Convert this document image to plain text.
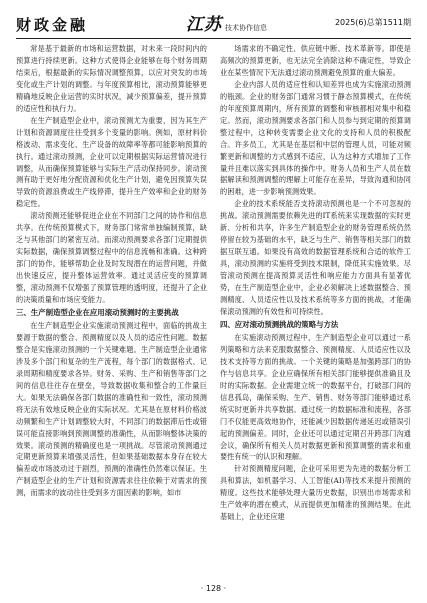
财政金融	江苏 技术协作信息
2025(6)总第1511期

常是基于最新的市场和运营数据，对未来一段时间内的预算进行持续更新。这种方式使得企业能够在每个财务周期结束后，根据最新的实际情况调整预算，以应对突发的市场变化或生产计划的调整。与年度预算相比，滚动预算能够更精确地反映企业运营的实时状况，减少预算偏差，提升预算的适应性和执行力。

在生产制造型企业中，滚动预测尤为重要，因为其生产计划和资源调度往往受到多个变量的影响。例如，原材料价格波动、需求变化、生产设备的故障率等都可能影响预算的执行。通过滚动预测，企业可以定期根据实际运营情况进行调整，从而确保预算能够与实际生产活动保持同步。滚动预测有助于更好地分配资源和优化生产计划，避免因预算失误导致的资源浪费或生产线停滞，提升生产效率和企业的财务稳定性。

滚动预测还能够促进企业在不同部门之间的协作和信息共享。在传统预算模式下，财务部门常常单独编制预算，缺乏与其他部门的紧密互动。而滚动预测要求各部门定期提供实际数据，确保预算调整过程中的信息流畅和准确。这种跨部门的协作，能够帮助企业及时发现潜在的运营问题，并做出快速反应，提升整体运营效率。通过灵活应变的预算调整，滚动预测不仅增强了预算管理的透明度，还提升了企业的决策质量和市场应变能力。

三、生产制造型企业在应用滚动预测时的主要挑战

在生产制造型企业实施滚动预测过程中，面临的挑战主要源于数据的整合、预测精度以及人员的适应性问题。数据整合是实施滚动预测的一个关键难题。生产制造型企业通常涉及多个部门和复杂的生产流程，每个部门的数据格式、记录周期和精度要求各异。财务、采购、生产和销售等部门之间的信息往往存在壁垒，导致数据收集和整合的工作量巨大。如果无法确保各部门数据的准确性和一致性，滚动预测将无法有效地反映企业的实际状况。尤其是在原材料价格波动频繁和生产计划调整较大时，不同部门的数据滞后性或错误可能直接影响到预测调整的准确性，从而影响整体决策的效果。滚动预测的精确度也是一项挑战。尽管滚动预测通过定期更新预算来增强灵活性，但如果基础数据本身存在较大偏差或市场波动过于剧烈，预测的准确性仍然难以保证。生产制造型企业的生产计划和资源需求往往依赖于对需求的预测，而需求的波动往往受到多方面因素的影响，如市

场需求的不确定性、供应链中断、技术革新等。即使是高频次的预算更新，也无法完全消除这种不确定性，导致企业在某些情况下无法通过滚动预测避免预算的重大偏差。

企业内部人员的适应性和认知差异也成为实施滚动预测的瓶颈。企业的财务部门通常习惯于静态预算模式，在传统的年度预算周期内，所有预算的调整和审核都相对集中和稳定。然而，滚动预测要求各部门和人员参与到定期的预算调整过程中，这种转变需要企业文化的支持和人员的积极配合。许多员工，尤其是在基层和中层的管理人员，可能对频繁更新和调整的方式感到不适应，认为这种方式增加了工作量并且难以落实到具体的操作中。财务人员和生产人员在数据解读和预测调整的理解上可能存在差异，导致沟通和协同的困难，进一步影响预测效果。

企业的技术系统能否支持滚动预测也是一个不可忽视的挑战。滚动预测需要依赖先进的IT系统来实现数据的实时更新、分析和共享，许多生产制造型企业的财务管理系统仍然停留在较为基础的水平，缺乏与生产、销售等相关部门的数据互联互通。如果没有高效的数据管理系统和合适的软件工具，滚动预测的实施将受到技术限制，降低其实施效果。尽管滚动预测在提高预算灵活性和响应能力方面具有显著优势，在生产制造型企业中，企业必须解决上述数据整合、预测精度、人员适应性以及技术系统等多方面的挑战，才能确保滚动预测的有效性和可持续性。

四、应对滚动预测挑战的策略与方法

在实施滚动预测过程中，生产制造型企业可以通过一系列策略和方法来克服数据整合、预测精度、人员适应性以及技术支持等方面的挑战。一个关键的策略是加强跨部门的协作与信息共享。企业应确保所有相关部门能够提供准确且及时的实际数据。企业需建立统一的数据平台，打破部门间的信息孤岛，确保采购、生产、销售、财务等部门能够通过系统实时更新并共享数据。通过统一的数据标准和流程，各部门不仅能更高效地协作，还能减少因数据传递延迟或错误引起的预测偏差。同时，企业还可以通过定期召开跨部门沟通会议，确保所有相关人员对数据更新和预算调整的需求和重要性有统一的认识和理解。

针对预测精度问题，企业可采用更为先进的数据分析工具和算法，如机器学习、人工智能(AI)等技术来提升预测的精度。这些技术能够处理大量历史数据，识别出市场需求和生产效率的潜在模式，从而提供更加精准的预测结果。在此基础上，企业还应建

· 128 ·
